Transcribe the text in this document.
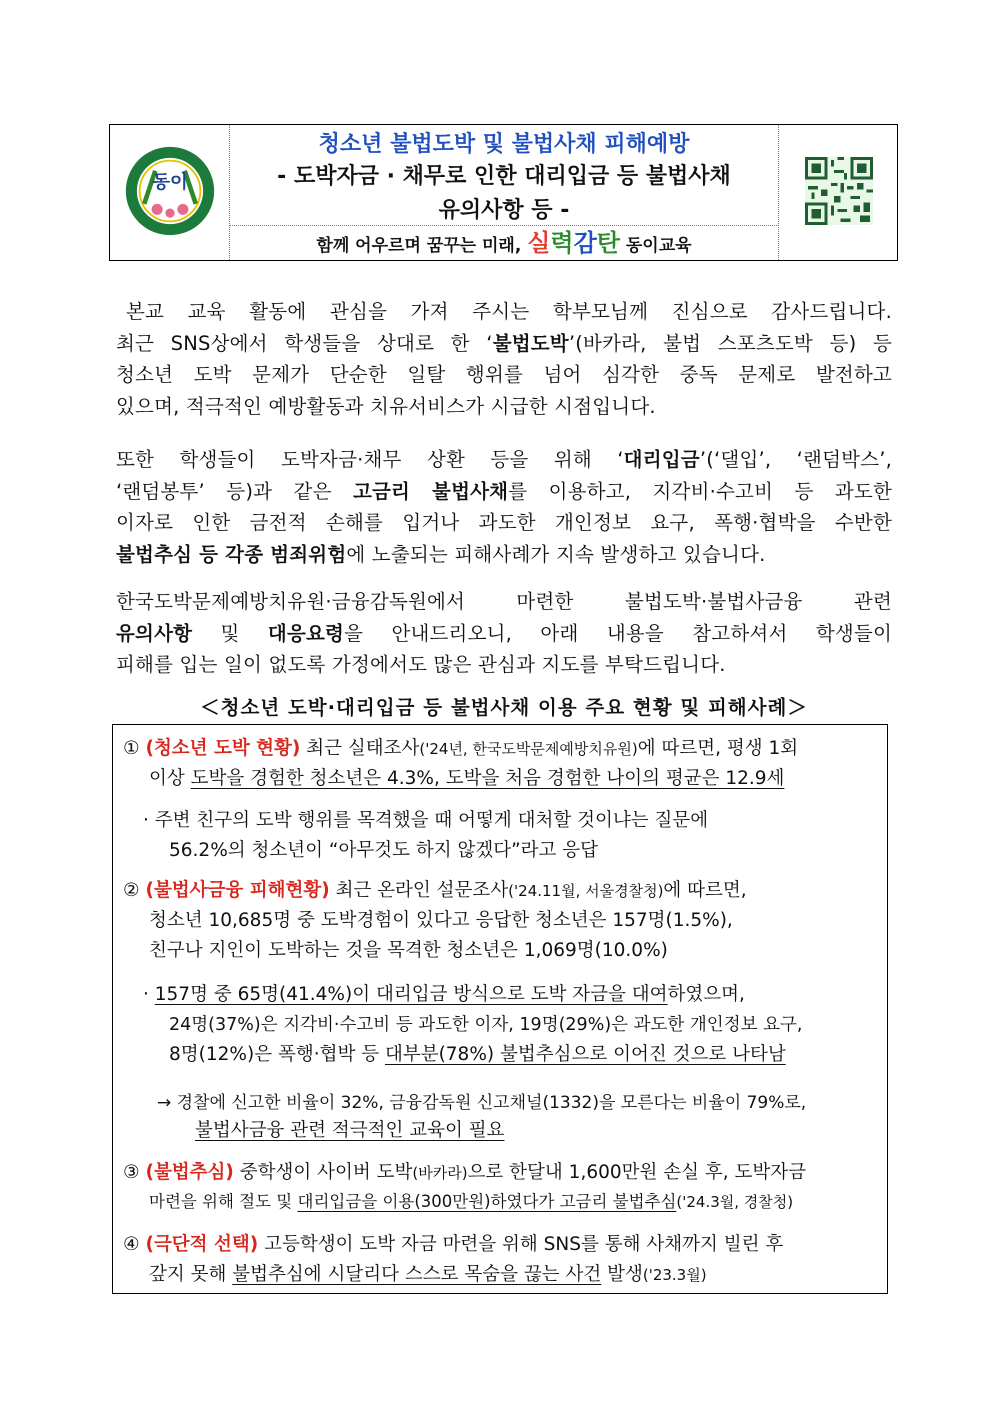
동이
청소년 불법도박 및 불법사채 피해예방
- 도박자금 · 채무로 인한 대리입금 등 불법사채
유의사항 등 -
함께 어우르며 꿈꾸는 미래, 실력감탄 동이교육
본교 교육 활동에 관심을 가져 주시는 학부모님께 진심으로 감사드립니다.
최근 SNS상에서 학생들을 상대로 한 ‘불법도박’(바카라, 불법 스포츠도박 등) 등
청소년 도박 문제가 단순한 일탈 행위를 넘어 심각한 중독 문제로 발전하고
있으며, 적극적인 예방활동과 치유서비스가 시급한 시점입니다.
또한 학생들이 도박자금·채무 상환 등을 위해 ‘대리입금’(‘댈입’, ‘랜덤박스’,
‘랜덤봉투’ 등)과 같은 고금리 불법사채를 이용하고, 지각비·수고비 등 과도한
이자로 인한 금전적 손해를 입거나 과도한 개인정보 요구, 폭행·협박을 수반한
불법추심 등 각종 범죄위험에 노출되는 피해사례가 지속 발생하고 있습니다.
한국도박문제예방치유원·금융감독원에서 마련한 불법도박·불법사금융 관련
유의사항 및 대응요령을 안내드리오니, 아래 내용을 참고하셔서 학생들이
피해를 입는 일이 없도록 가정에서도 많은 관심과 지도를 부탁드립니다.
＜청소년 도박·대리입금 등 불법사채 이용 주요 현황 및 피해사례＞
① (청소년 도박 현황) 최근 실태조사('24년, 한국도박문제예방치유원)에 따르면, 평생 1회
이상 도박을 경험한 청소년은 4.3%, 도박을 처음 경험한 나이의 평균은 12.9세
· 주변 친구의 도박 행위를 목격했을 때 어떻게 대처할 것이냐는 질문에
56.2%의 청소년이 “아무것도 하지 않겠다”라고 응답
② (불법사금융 피해현황) 최근 온라인 설문조사('24.11월, 서울경찰청)에 따르면,
청소년 10,685명 중 도박경험이 있다고 응답한 청소년은 157명(1.5%),
친구나 지인이 도박하는 것을 목격한 청소년은 1,069명(10.0%)
· 157명 중 65명(41.4%)이 대리입금 방식으로 도박 자금을 대여하였으며,
24명(37%)은 지각비·수고비 등 과도한 이자, 19명(29%)은 과도한 개인정보 요구,
8명(12%)은 폭행·협박 등 대부분(78%) 불법추심으로 이어진 것으로 나타남
→ 경찰에 신고한 비율이 32%, 금융감독원 신고채널(1332)을 모른다는 비율이 79%로,
불법사금융 관련 적극적인 교육이 필요
③ (불법추심) 중학생이 사이버 도박(바카라)으로 한달내 1,600만원 손실 후, 도박자금
마련을 위해 절도 및 대리입금을 이용(300만원)하였다가 고금리 불법추심('24.3월, 경찰청)
④ (극단적 선택) 고등학생이 도박 자금 마련을 위해 SNS를 통해 사채까지 빌린 후
갚지 못해 불법추심에 시달리다 스스로 목숨을 끊는 사건 발생('23.3월)
